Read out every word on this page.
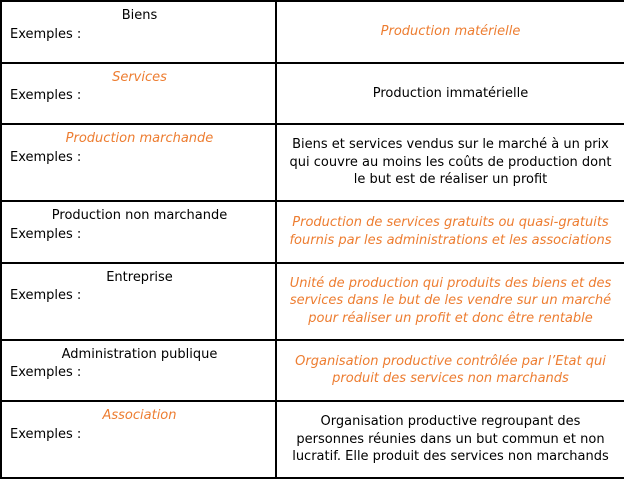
Biens
Exemples :	Production matérielle

Services
Exemples :	Production immatérielle

Production marchande
Exemples :	Biens et services vendus sur le marché à un prix qui couvre au moins les coûts de production dont le but est de réaliser un profit

Production non marchande
Exemples :	Production de services gratuits ou quasi-gratuits fournis par les administrations et les associations

Entreprise
Exemples :	Unité de production qui produits des biens et des services dans le but de les vendre sur un marché pour réaliser un profit et donc être rentable

Administration publique
Exemples :	Organisation productive contrôlée par l’Etat qui produit des services non marchands

Association
Exemples :	Organisation productive regroupant des personnes réunies dans un but commun et non lucratif. Elle produit des services non marchands
